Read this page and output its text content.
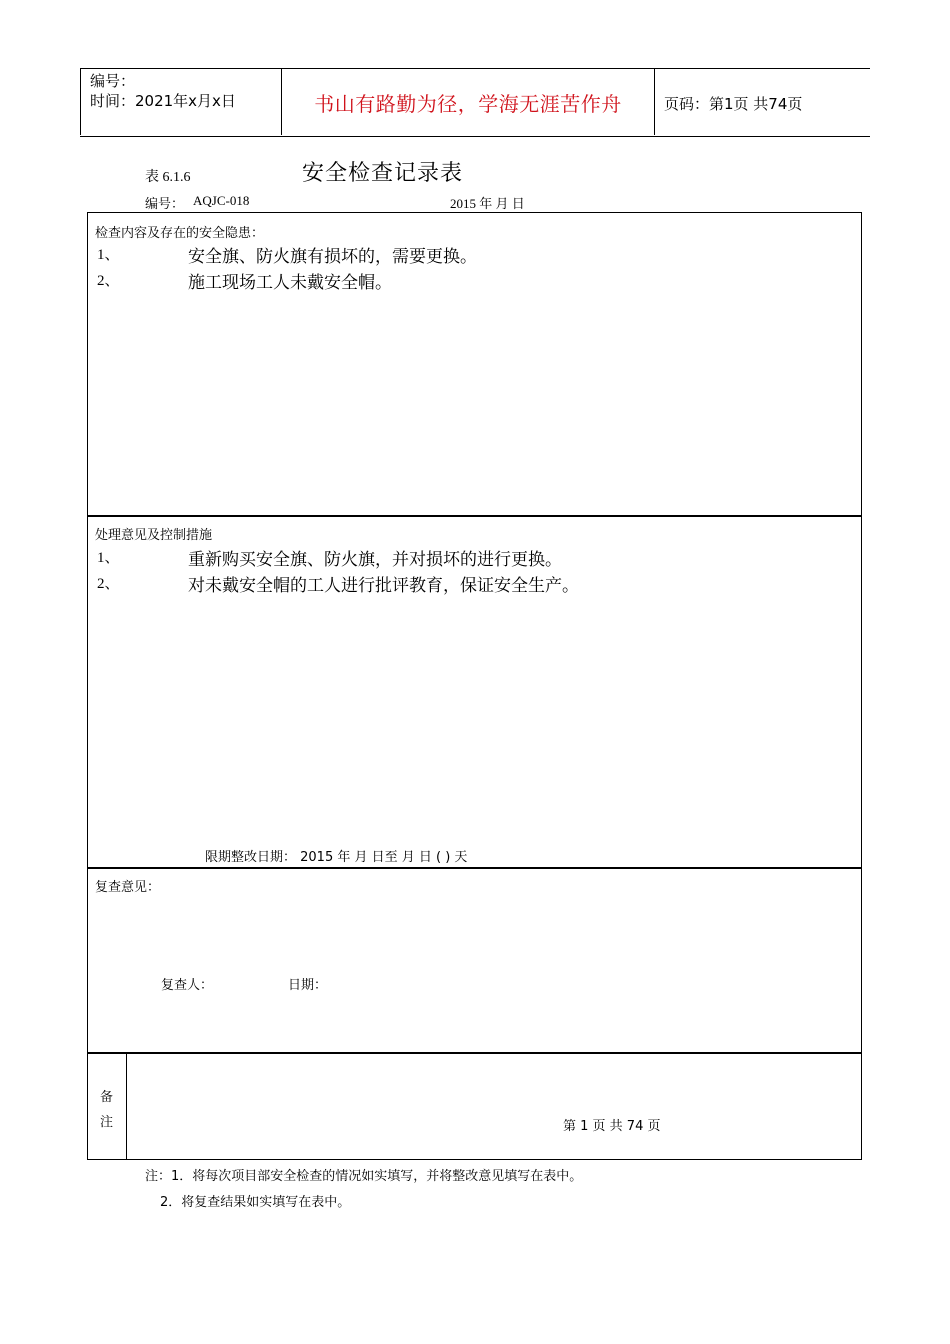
编号：
时间：2021年x月x日	书山有路勤为径，学海无涯苦作舟	页码：第1页 共74页
表 6.1.6	安全检查记录表
编号： AQJC-018	2015 年 月 日
检查内容及存在的安全隐患：
1、	安全旗、防火旗有损坏的，需要更换。
2、	施工现场工人未戴安全帽。
处理意见及控制措施
1、	重新购买安全旗、防火旗，并对损坏的进行更换。
2、	对未戴安全帽的工人进行批评教育，保证安全生产。
限期整改日期： 2015 年 月 日至 月 日 ( ) 天
复查意见：
复查人：	日期：
备
注	第 1 页 共 74 页
注：1．将每次项目部安全检查的情况如实填写，并将整改意见填写在表中。
2．将复查结果如实填写在表中。
